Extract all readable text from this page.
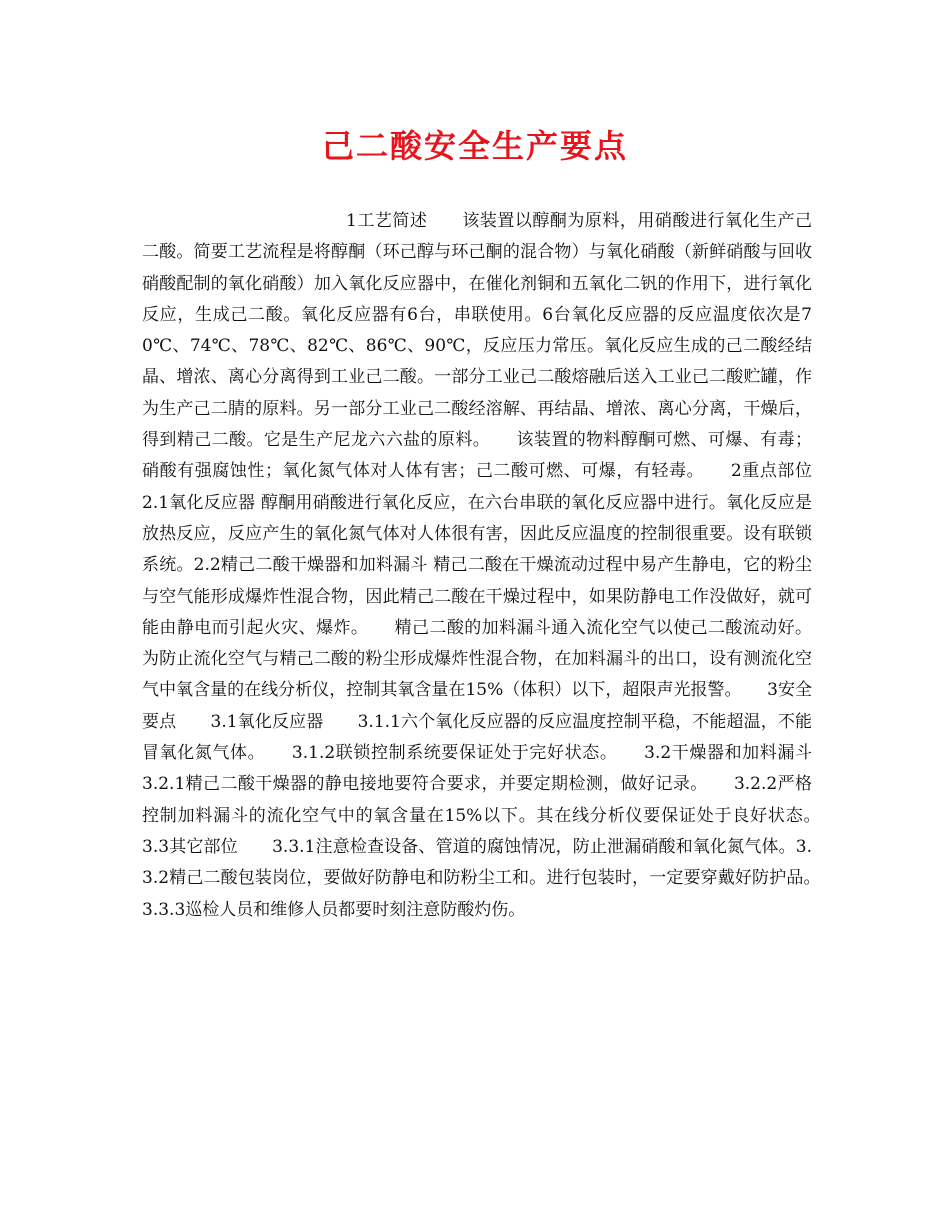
己二酸安全生产要点

1工艺简述　　该装置以醇酮为原料，用硝酸进行氧化生产己二酸。简要工艺流程是将醇酮（环己醇与环己酮的混合物）与氧化硝酸（新鲜硝酸与回收硝酸配制的氧化硝酸）加入氧化反应器中，在催化剂铜和五氧化二钒的作用下，进行氧化反应，生成己二酸。氧化反应器有6台，串联使用。6台氧化反应器的反应温度依次是70℃、74℃、78℃、82℃、86℃、90℃，反应压力常压。氧化反应生成的己二酸经结晶、增浓、离心分离得到工业己二酸。一部分工业己二酸熔融后送入工业己二酸贮罐，作为生产己二腈的原料。另一部分工业己二酸经溶解、再结晶、增浓、离心分离，干燥后，得到精己二酸。它是生产尼龙六六盐的原料。　　该装置的物料醇酮可燃、可爆、有毒；硝酸有强腐蚀性；氧化氮气体对人体有害；己二酸可燃、可爆，有轻毒。　　2重点部位　　2.1氧化反应器 醇酮用硝酸进行氧化反应，在六台串联的氧化反应器中进行。氧化反应是放热反应，反应产生的氧化氮气体对人体很有害，因此反应温度的控制很重要。设有联锁系统。2.2精己二酸干燥器和加料漏斗 精己二酸在干燥流动过程中易产生静电，它的粉尘与空气能形成爆炸性混合物，因此精己二酸在干燥过程中，如果防静电工作没做好，就可能由静电而引起火灾、爆炸。　　精己二酸的加料漏斗通入流化空气以使己二酸流动好。为防止流化空气与精己二酸的粉尘形成爆炸性混合物，在加料漏斗的出口，设有测流化空气中氧含量的在线分析仪，控制其氧含量在15%（体积）以下，超限声光报警。　　3安全要点　　3.1氧化反应器　　3.1.1六个氧化反应器的反应温度控制平稳，不能超温，不能冒氧化氮气体。　　3.1.2联锁控制系统要保证处于完好状态。　　3.2干燥器和加料漏斗　　3.2.1精己二酸干燥器的静电接地要符合要求，并要定期检测，做好记录。　　3.2.2严格控制加料漏斗的流化空气中的氧含量在15%以下。其在线分析仪要保证处于良好状态。　　3.3其它部位　　3.3.1注意检查设备、管道的腐蚀情况，防止泄漏硝酸和氧化氮气体。3.3.2精己二酸包装岗位，要做好防静电和防粉尘工和。进行包装时，一定要穿戴好防护品。　　3.3.3巡检人员和维修人员都要时刻注意防酸灼伤。
